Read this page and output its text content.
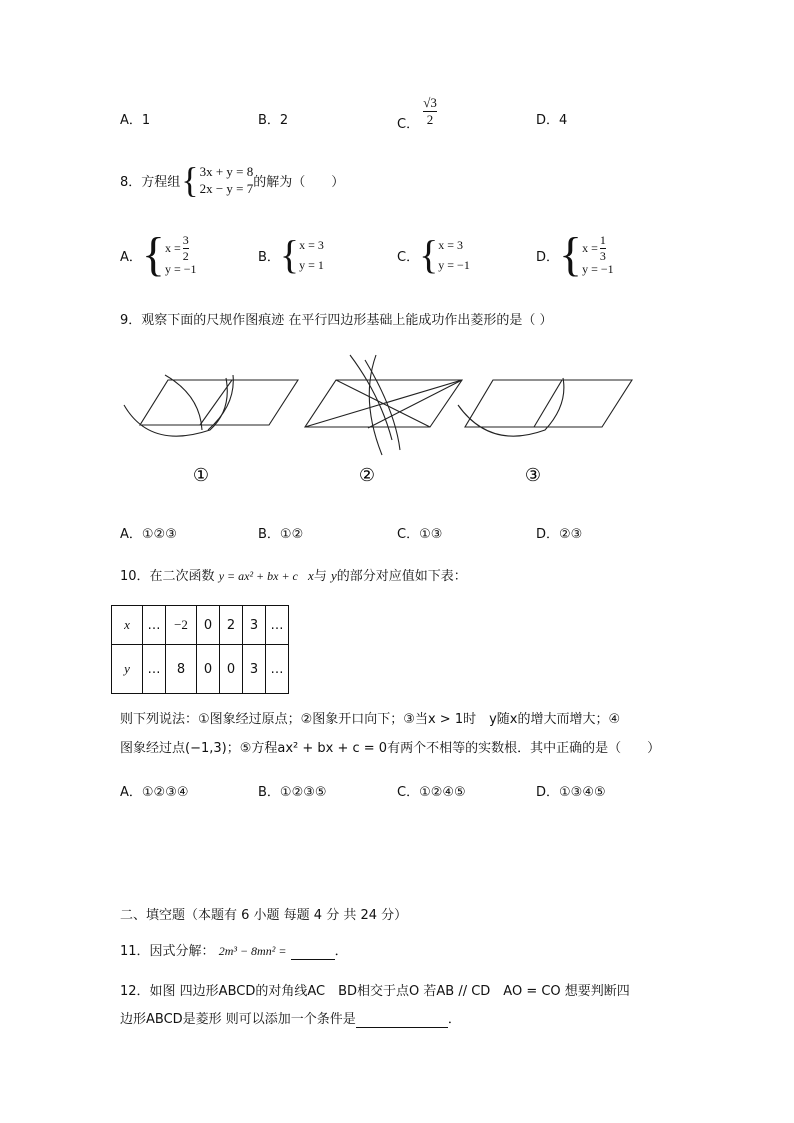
A．1	B．2	C． $\frac{√3}{2}$	D．4
8．方程组 { 3x + y = 8
2x − y = 7 的解为（　　）
A． { $x = \frac{3}{2}$
y = −1
B． { x = 3
y = 1
C． { x = 3
y = −1
D． { $x = \frac{1}{3}$
y = −1
9．观察下面的尺规作图痕迹 在平行四边形基础上能成功作出菱形的是（ ）
①	②	③
A．①②③	B．①②	C．①③	D．②③
10．在二次函数 y = ax² + bx + c x与 y的部分对应值如下表：
x	…	−2	0	2	3	…
y	…	8	0	0	3	…
则下列说法：①图象经过原点；②图象开口向下；③当x > 1时　y随x的增大而增大；④
图象经过点(−1,3)；⑤方程ax² + bx + c = 0有两个不相等的实数根．其中正确的是（　　）
A．①②③④	B．①②③⑤	C．①②④⑤	D．①③④⑤
二、填空题（本题有 6 小题 每题 4 分 共 24 分）
11．因式分解： 2m³ − 8mn² =	．
12．如图 四边形ABCD的对角线AC　BD相交于点O 若AB // CD　AO = CO 想要判断四
边形ABCD是菱形 则可以添加一个条件是	．
